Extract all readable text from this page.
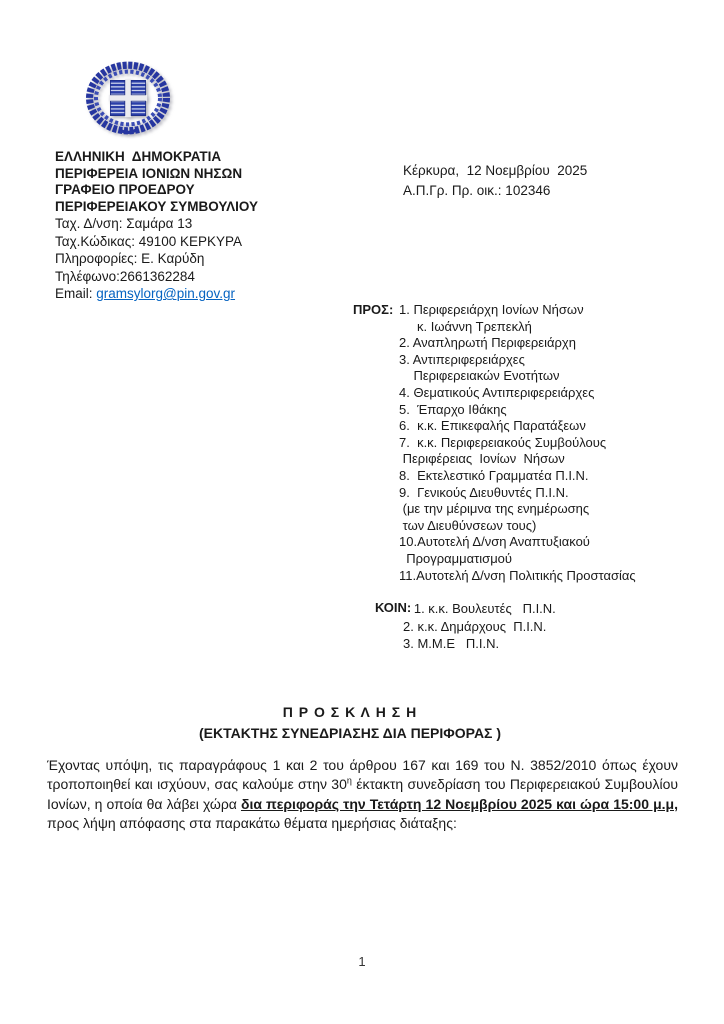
ΕΛΛΗΝΙΚΗ  ΔΗΜΟΚΡΑΤΙΑ
ΠΕΡΙΦΕΡΕΙΑ ΙΟΝΙΩΝ ΝΗΣΩΝ
ΓΡΑΦΕΙΟ ΠΡΟΕΔΡΟΥ
ΠΕΡΙΦΕΡΕΙΑΚΟΥ ΣΥΜΒΟΥΛΙΟΥ
Ταχ. Δ/νση: Σαμάρα 13
Ταχ.Κώδικας: 49100 ΚΕΡΚΥΡΑ
Πληροφορίες: Ε. Καρύδη
Τηλέφωνο:2661362284
Email: gramsylorg@pin.gov.gr
Κέρκυρα,  12 Νοεμβρίου  2025
Α.Π.Γρ. Πρ. οικ.: 102346
ΠΡΟΣ: 1. Περιφερειάρχη Ιονίων Νήσων
κ. Ιωάννη Τρεπεκλή
2. Αναπληρωτή Περιφερειάρχη
3. Αντιπεριφερειάρχες
Περιφερειακών Ενοτήτων
4. Θεματικούς Αντιπεριφερειάρχες
5.  Έπαρχο Ιθάκης
6.  κ.κ. Επικεφαλής Παρατάξεων
7.  κ.κ. Περιφερειακούς Συμβούλους
Περιφέρειας  Ιονίων  Νήσων
8.  Εκτελεστικό Γραμματέα Π.Ι.Ν.
9.  Γενικούς Διευθυντές Π.Ι.Ν.
(με την μέριμνα της ενημέρωσης
των Διευθύνσεων τους)
10.Αυτοτελή Δ/νση Αναπτυξιακού
Προγραμματισμού
11.Αυτοτελή Δ/νση Πολιτικής Προστασίας
ΚΟΙΝ:
1. κ.κ. Βουλευτές   Π.Ι.Ν.
2. κ.κ. Δημάρχους  Π.Ι.Ν.
3. Μ.Μ.Ε   Π.Ι.Ν.
Π Ρ Ο Σ Κ Λ Η Σ Η
(ΕΚΤΑΚΤΗΣ ΣΥΝΕΔΡΙΑΣΗΣ ΔΙΑ ΠΕΡΙΦΟΡΑΣ )
Έχοντας υπόψη, τις παραγράφους 1 και 2 του άρθρου 167 και 169 του Ν. 3852/2010 όπως έχουν τροποποιηθεί και ισχύουν, σας καλούμε στην $30^\eta$ έκτακτη συνεδρίαση του Περιφερειακού Συμβουλίου Ιονίων, η οποία θα λάβει χώρα δια περιφοράς την Τετάρτη 12 Νοεμβρίου 2025 και ώρα 15:00 μ.μ, προς λήψη απόφασης στα παρακάτω θέματα ημερήσιας διάταξης:
1
